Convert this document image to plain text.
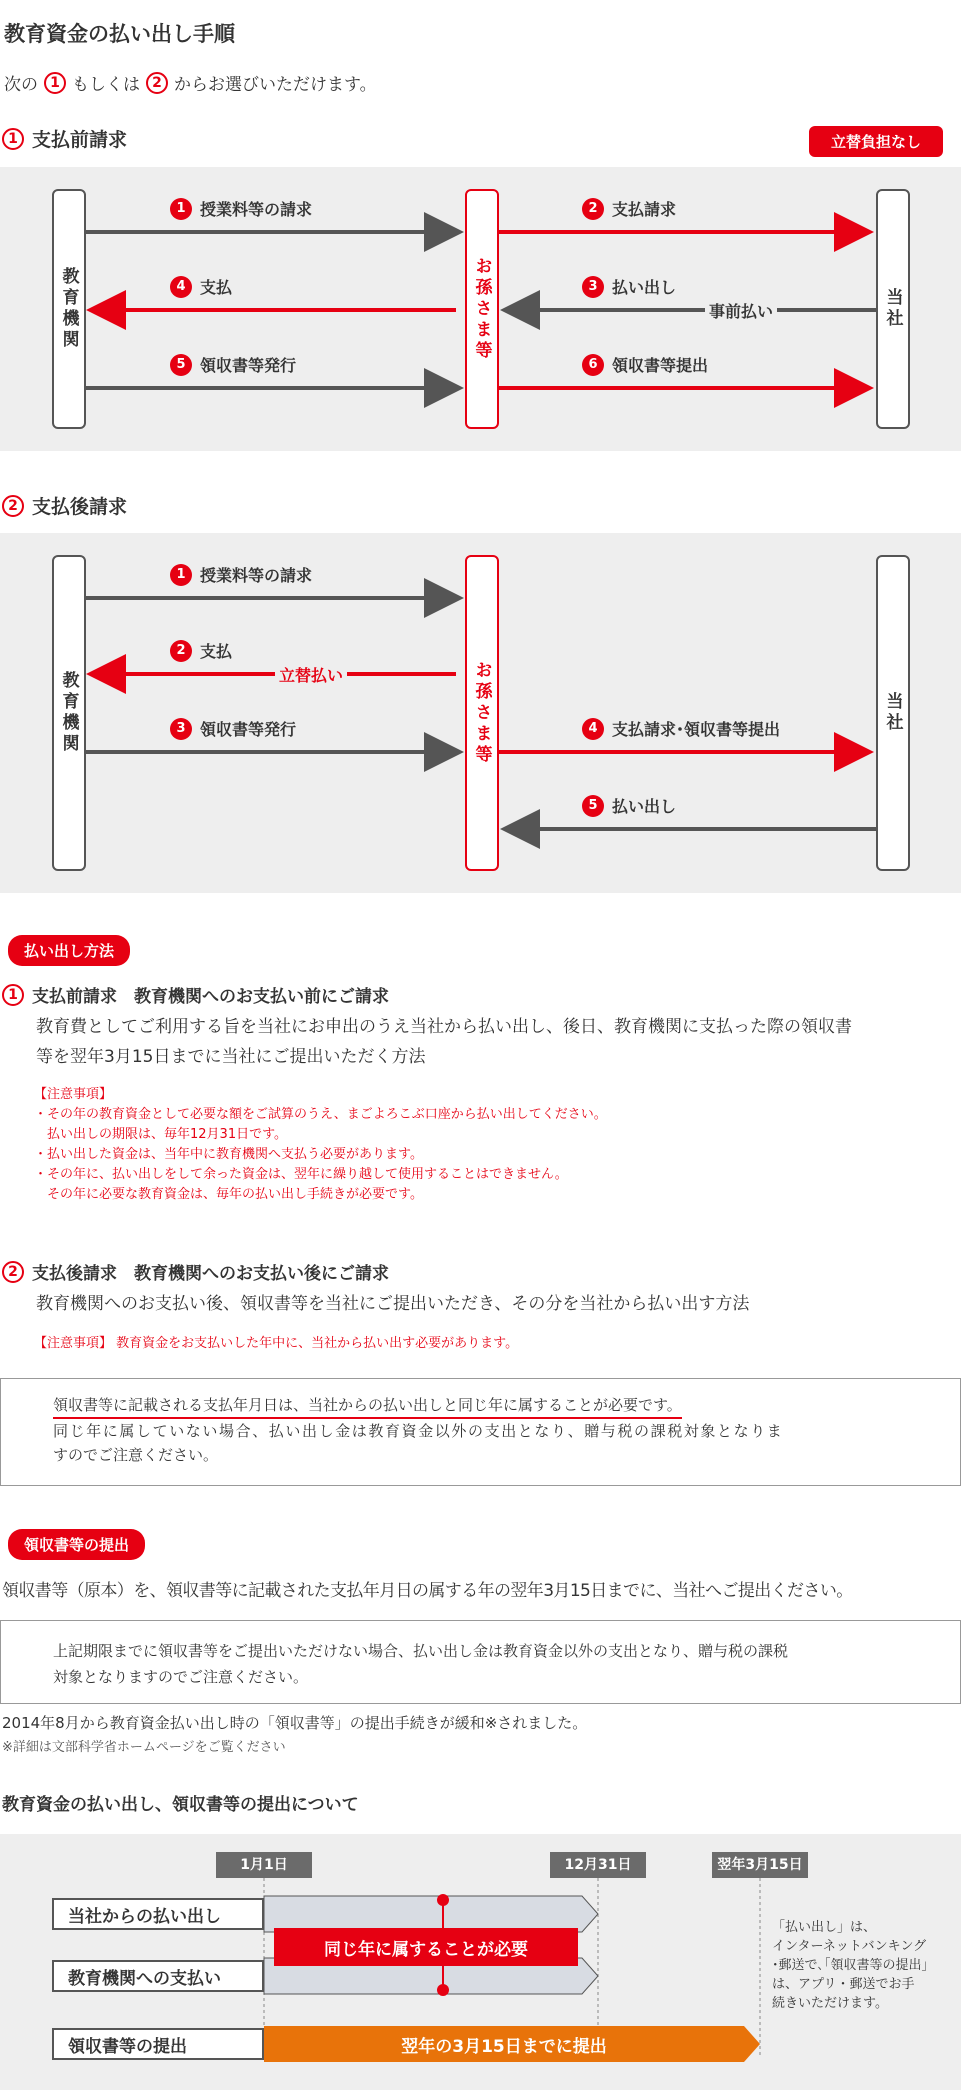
教育資金の払い出し手順
次の 1 もしくは 2 からお選びいただけます。
1 支払前請求	立替負担なし
教育機関	お孫さま等	当社
1 授業料等の請求	2 支払請求
3 払い出し
事前払い
4 支払
5 領収書等発行	6 領収書等提出
2 支払後請求
教育機関	お孫さま等	当社
1 授業料等の請求
2 支払
立替払い
3 領収書等発行	4 支払請求･領収書等提出
5 払い出し
払い出し方法
1 支払前請求　教育機関へのお支払い前にご請求
教育費としてご利用する旨を当社にお申出のうえ当社から払い出し、後日、教育機関に支払った際の領収書
等を翌年3月15日までに当社にご提出いただく方法
【注意事項】
・その年の教育資金として必要な額をご試算のうえ、まごよろこぶ口座から払い出してください。
　払い出しの期限は、毎年12月31日です。
・払い出した資金は、当年中に教育機関へ支払う必要があります。
・その年に、払い出しをして余った資金は、翌年に繰り越して使用することはできません。
　その年に必要な教育資金は、毎年の払い出し手続きが必要です。
2 支払後請求　教育機関へのお支払い後にご請求
教育機関へのお支払い後、領収書等を当社にご提出いただき、その分を当社から払い出す方法
【注意事項】 教育資金をお支払いした年中に、当社から払い出す必要があります。
領収書等に記載される支払年月日は、当社からの払い出しと同じ年に属することが必要です。
同じ年に属していない場合、払い出し金は教育資金以外の支出となり、贈与税の課税対象となりま
すのでご注意ください。
領収書等の提出
領収書等（原本）を、領収書等に記載された支払年月日の属する年の翌年3月15日までに、当社へご提出ください。
上記期限までに領収書等をご提出いただけない場合、払い出し金は教育資金以外の支出となり、贈与税の課税
対象となりますのでご注意ください。
2014年8月から教育資金払い出し時の「領収書等」の提出手続きが緩和※されました。
※詳細は文部科学省ホームページをご覧ください
教育資金の払い出し、領収書等の提出について
1月1日	12月31日	翌年3月15日
当社からの払い出し
教育機関への支払い
領収書等の提出
同じ年に属することが必要
翌年の3月15日までに提出
「払い出し」は、
インターネットバンキング
･郵送で､｢領収書等の提出｣
は、アプリ・郵送でお手
続きいただけます。
